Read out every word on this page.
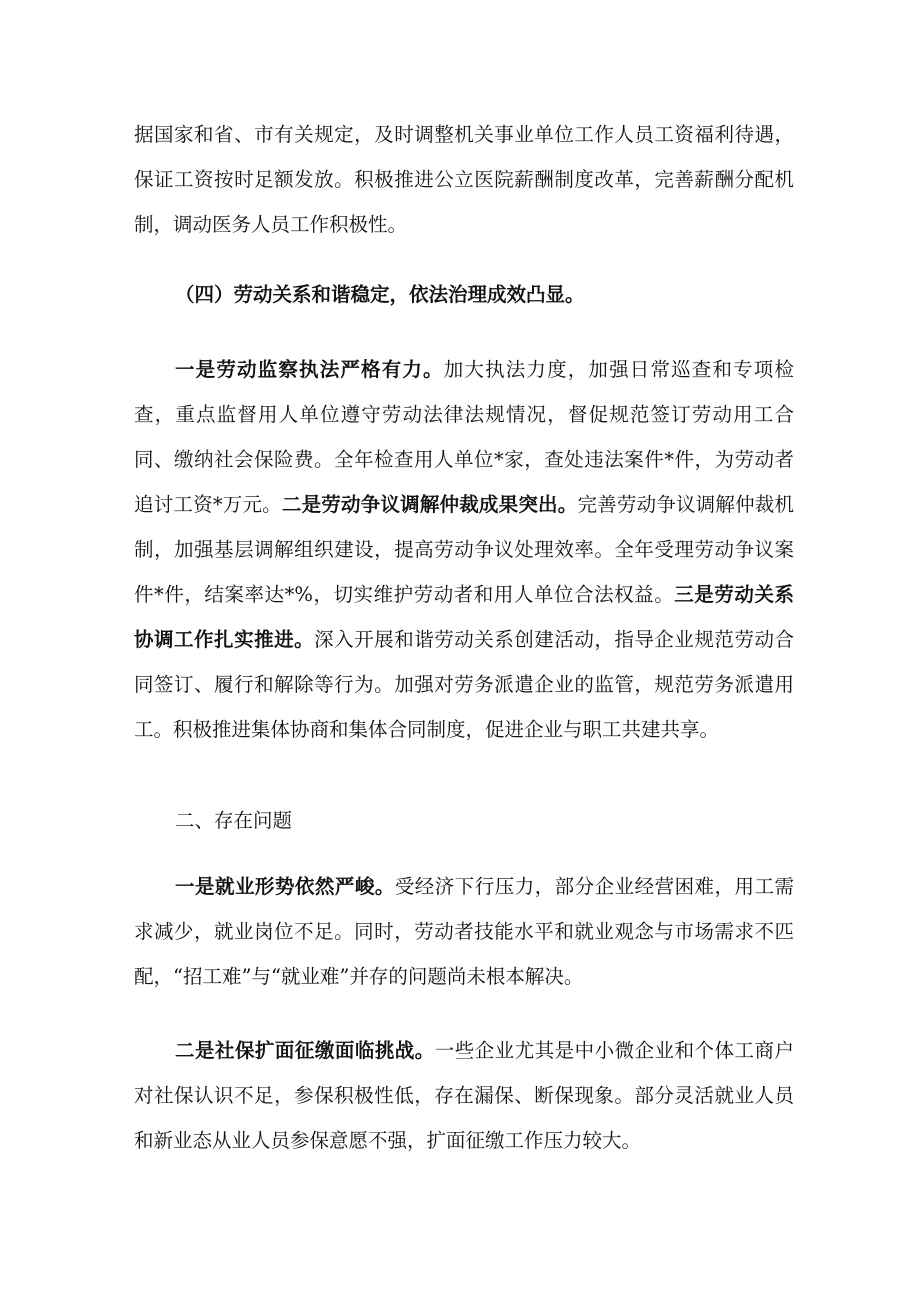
据国家和省、市有关规定，及时调整机关事业单位工作人员工资福利待遇，保证工资按时足额发放。积极推进公立医院薪酬制度改革，完善薪酬分配机制，调动医务人员工作积极性。

（四）劳动关系和谐稳定，依法治理成效凸显。

一是劳动监察执法严格有力。加大执法力度，加强日常巡查和专项检查，重点监督用人单位遵守劳动法律法规情况，督促规范签订劳动用工合同、缴纳社会保险费。全年检查用人单位*家，查处违法案件*件，为劳动者追讨工资*万元。二是劳动争议调解仲裁成果突出。完善劳动争议调解仲裁机制，加强基层调解组织建设，提高劳动争议处理效率。全年受理劳动争议案件*件，结案率达*%，切实维护劳动者和用人单位合法权益。三是劳动关系协调工作扎实推进。深入开展和谐劳动关系创建活动，指导企业规范劳动合同签订、履行和解除等行为。加强对劳务派遣企业的监管，规范劳务派遣用工。积极推进集体协商和集体合同制度，促进企业与职工共建共享。

二、存在问题

一是就业形势依然严峻。受经济下行压力，部分企业经营困难，用工需求减少，就业岗位不足。同时，劳动者技能水平和就业观念与市场需求不匹配，“招工难”与“就业难”并存的问题尚未根本解决。

二是社保扩面征缴面临挑战。一些企业尤其是中小微企业和个体工商户对社保认识不足，参保积极性低，存在漏保、断保现象。部分灵活就业人员和新业态从业人员参保意愿不强，扩面征缴工作压力较大。
